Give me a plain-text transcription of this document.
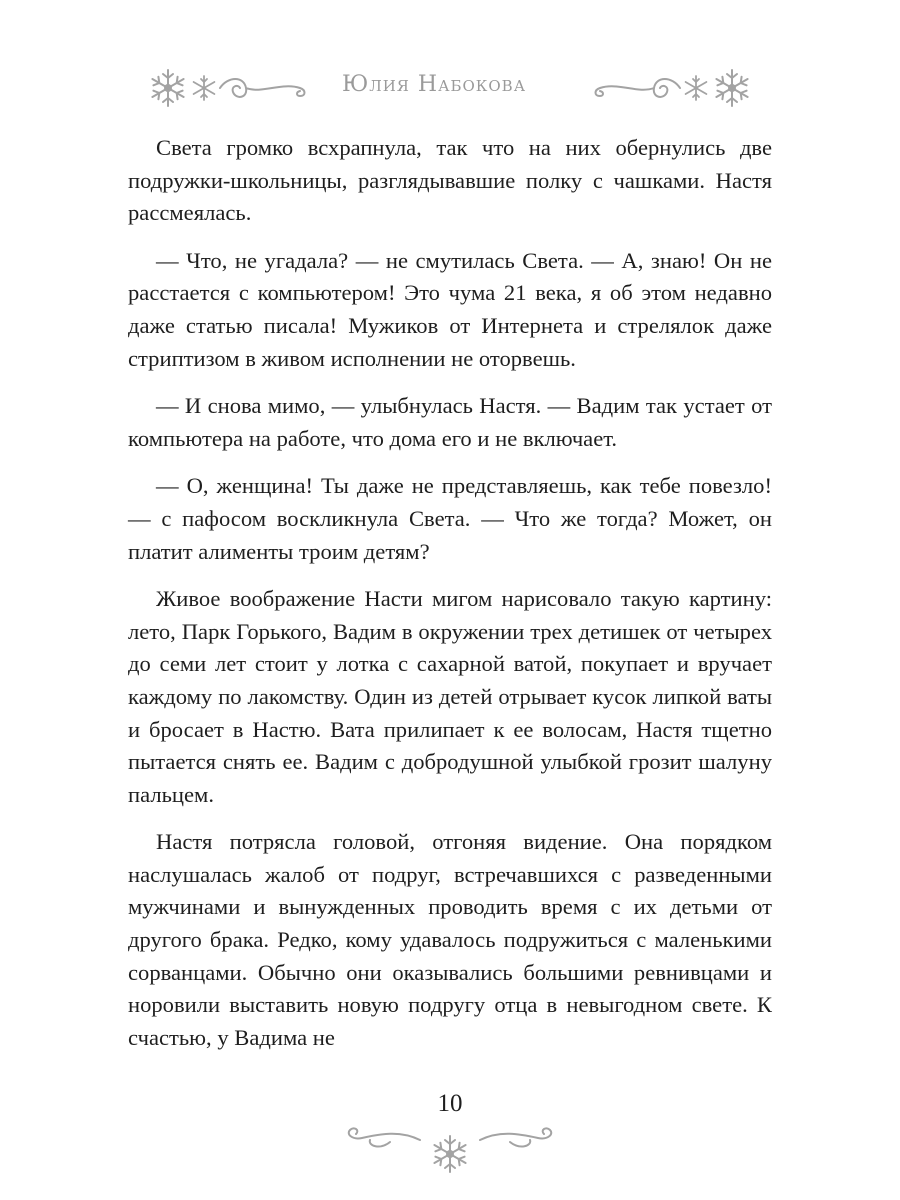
Юлия Набокова

Света громко всхрапнула, так что на них обернулись две подружки-школьницы, разглядывавшие полку с чашками. Настя рассмеялась.

— Что, не угадала? — не смутилась Света. — А, знаю! Он не расстается с компьютером! Это чума 21 века, я об этом недавно даже статью писала! Мужиков от Интернета и стрелялок даже стриптизом в живом исполнении не оторвешь.

— И снова мимо, — улыбнулась Настя. — Вадим так устает от компьютера на работе, что дома его и не включает.

— О, женщина! Ты даже не представляешь, как тебе повезло! — с пафосом воскликнула Света. — Что же тогда? Может, он платит алименты троим детям?

Живое воображение Насти мигом нарисовало такую картину: лето, Парк Горького, Вадим в окружении трех детишек от четырех до семи лет стоит у лотка с сахарной ватой, покупает и вручает каждому по лакомству. Один из детей отрывает кусок липкой ваты и бросает в Настю. Вата прилипает к ее волосам, Настя тщетно пытается снять ее. Вадим с добродушной улыбкой грозит шалуну пальцем.

Настя потрясла головой, отгоняя видение. Она порядком наслушалась жалоб от подруг, встречавшихся с разведенными мужчинами и вынужденных проводить время с их детьми от другого брака. Редко, кому удавалось подружиться с маленькими сорванцами. Обычно они оказывались большими ревнивцами и норовили выставить новую подругу отца в невыгодном свете. К счастью, у Вадима не

10
